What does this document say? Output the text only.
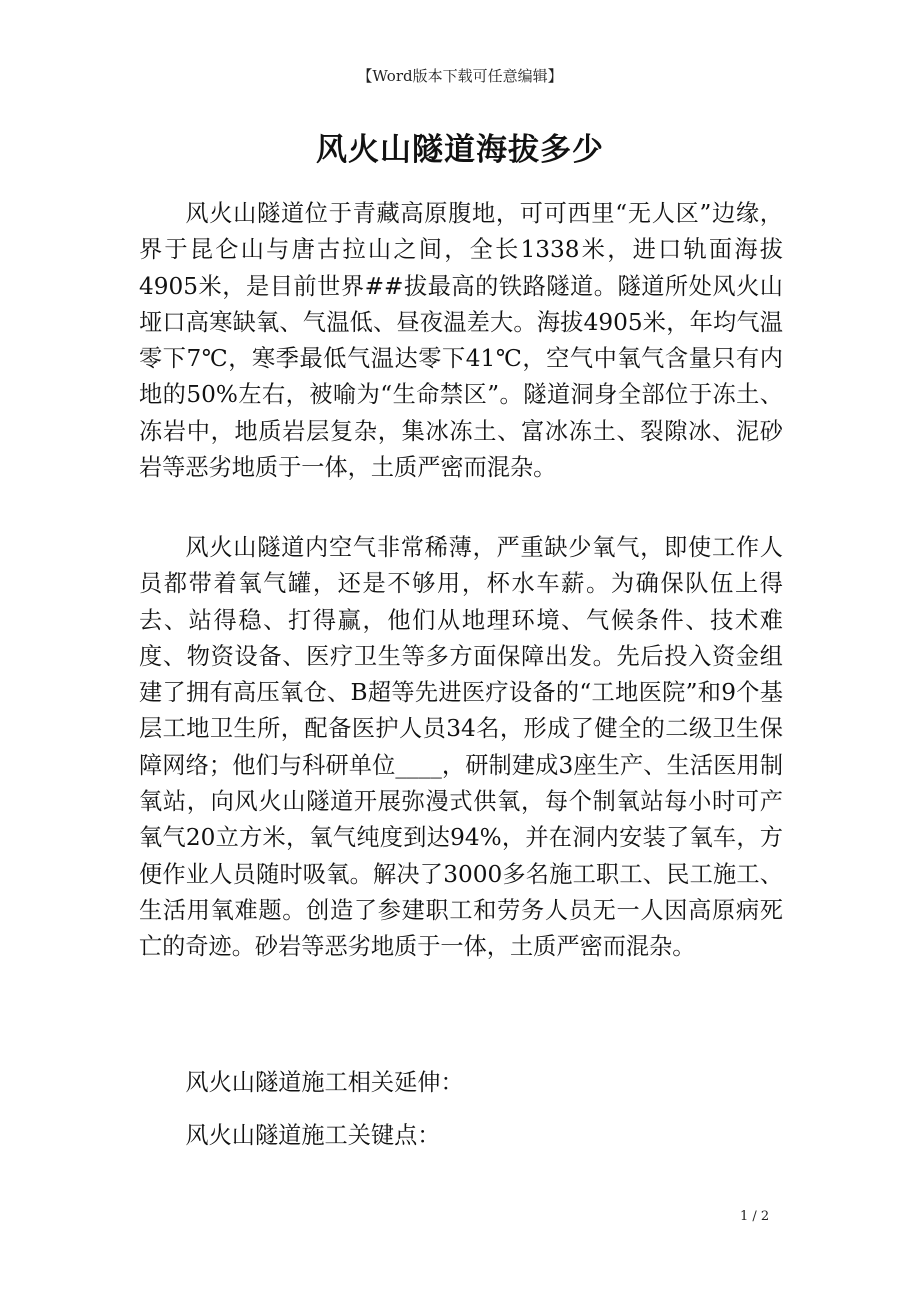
【Word版本下载可任意编辑】
风火山隧道海拔多少

风火山隧道位于青藏高原腹地，可可西里“无人区”边缘，界于昆仑山与唐古拉山之间，全长1338米，进口轨面海拔4905米，是目前世界##拔最高的铁路隧道。隧道所处风火山垭口高寒缺氧、气温低、昼夜温差大。海拔4905米，年均气温零下7℃，寒季最低气温达零下41℃，空气中氧气含量只有内地的50%左右，被喻为“生命禁区”。隧道洞身全部位于冻土、冻岩中，地质岩层复杂，集冰冻土、富冰冻土、裂隙冰、泥砂岩等恶劣地质于一体，土质严密而混杂。

风火山隧道内空气非常稀薄，严重缺少氧气，即使工作人员都带着氧气罐，还是不够用，杯水车薪。为确保队伍上得去、站得稳、打得赢，他们从地理环境、气候条件、技术难度、物资设备、医疗卫生等多方面保障出发。先后投入资金组建了拥有高压氧仓、B超等先进医疗设备的“工地医院”和9个基层工地卫生所，配备医护人员34名，形成了健全的二级卫生保障网络；他们与科研单位____，研制建成3座生产、生活医用制氧站，向风火山隧道开展弥漫式供氧，每个制氧站每小时可产氧气20立方米，氧气纯度到达94%，并在洞内安装了氧车，方便作业人员随时吸氧。解决了3000多名施工职工、民工施工、生活用氧难题。创造了参建职工和劳务人员无一人因高原病死亡的奇迹。砂岩等恶劣地质于一体，土质严密而混杂。

风火山隧道施工相关延伸：

风火山隧道施工关键点：

1 / 2
